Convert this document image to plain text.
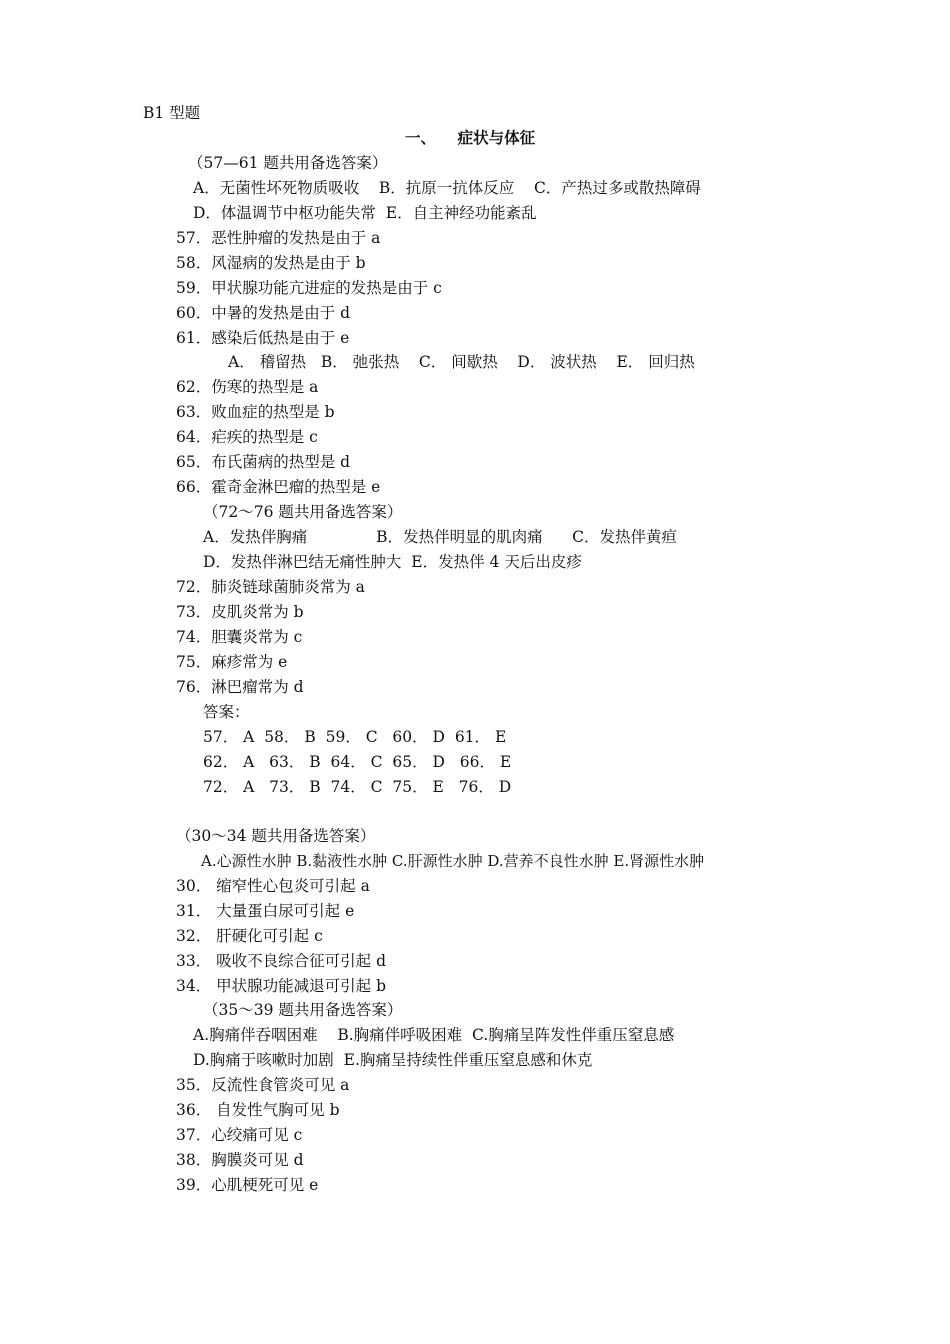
B1 型题
一、    症状与体征
（57—61 题共用备选答案）
A．无菌性坏死物质吸收    B．抗原一抗体反应    C．产热过多或散热障碍
D．体温调节中枢功能失常  E．自主神经功能紊乱
57．恶性肿瘤的发热是由于 a
58．风湿病的发热是由于 b
59．甲状腺功能亢进症的发热是由于 c
60．中暑的发热是由于 d
61．感染后低热是由于 e
A． 稽留热   B． 弛张热    C． 间歇热    D． 波状热    E． 回归热
62．伤寒的热型是 a
63．败血症的热型是 b
64．疟疾的热型是 c
65．布氏菌病的热型是 d
66．霍奇金淋巴瘤的热型是 e
（72～76 题共用备选答案）
A．发热伴胸痛              B．发热伴明显的肌肉痛      C．发热伴黄疸
D．发热伴淋巴结无痛性肿大  E．发热伴 4 天后出皮疹
72．肺炎链球菌肺炎常为 a
73．皮肌炎常为 b
74．胆囊炎常为 c
75．麻疹常为 e
76．淋巴瘤常为 d
答案：
57． A  58． B  59． C   60． D  61． E
62． A   63． B  64． C  65． D   66． E
72． A   73． B  74． C  75． E   76． D
（30～34 题共用备选答案）
A.心源性水肿 B.黏液性水肿 C.肝源性水肿 D.营养不良性水肿 E.肾源性水肿
30． 缩窄性心包炎可引起 a
31． 大量蛋白尿可引起 e
32． 肝硬化可引起 c
33． 吸收不良综合征可引起 d
34． 甲状腺功能减退可引起 b
（35～39 题共用备选答案）
A.胸痛伴吞咽困难    B.胸痛伴呼吸困难  C.胸痛呈阵发性伴重压窒息感
D.胸痛于咳嗽时加剧  E.胸痛呈持续性伴重压窒息感和休克
35．反流性食管炎可见 a
36． 自发性气胸可见 b
37．心绞痛可见 c
38．胸膜炎可见 d
39．心肌梗死可见 e
